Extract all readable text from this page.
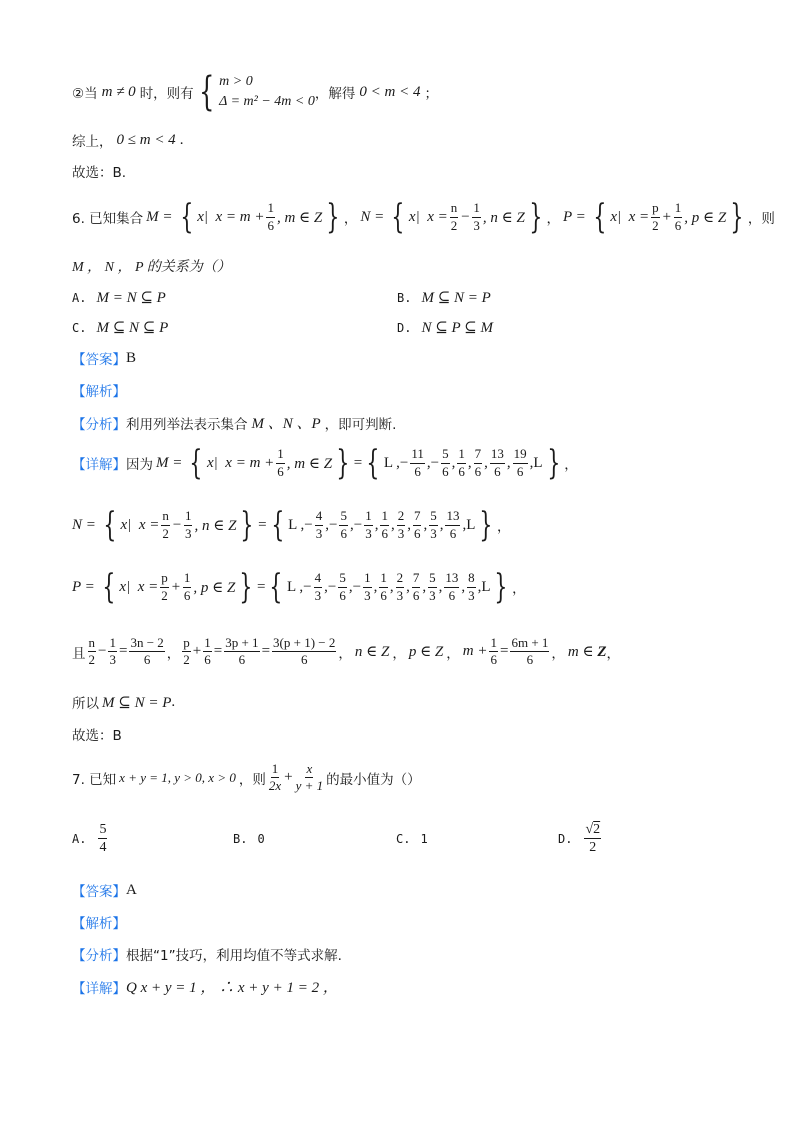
②当 m ≠ 0 时，则有 { m > 0
Δ = m² − 4m < 0 ，解得 0 < m < 4 ；
综上， 0 ≤ m < 4 .
故选：B.
6. 已知集合 M = { x|  $x = m + \frac{1}{6}$ , m ∈ Z } ， N = { x|  $x = \frac{n}{2} - \frac{1}{3}$ , n ∈ Z } ， P = { x|  $x = \frac{p}{2} + \frac{1}{6}$ , p ∈ Z } ，则
M ， N ， P 的关系为（）
A. M = N ⊆ P	B. M ⊆ N = P
C. M ⊆ N ⊆ P	D. N ⊆ P ⊆ M
【答案】 B
【解析】
【分析】 利用列举法表示集合 M 、N 、P ，即可判断.
【详解】 因为 M = { x|  $x = m + \frac{1}{6}$ , m ∈ Z } = { L ,− $\frac{11}{6}$ ,− $\frac{5}{6}$ , $\frac{1}{6}$ , $\frac{7}{6}$ , $\frac{13}{6}$ , $\frac{19}{6} ,L$ } ，
N = { x|  $x = \frac{n}{2} - \frac{1}{3}$ , n ∈ Z } = { L ,− $\frac{4}{3}$ ,− $\frac{5}{6}$ ,− $\frac{1}{3}$ , $\frac{1}{6}$ , $\frac{2}{3}$ , $\frac{7}{6}$ , $\frac{5}{3}$ , $\frac{13}{6} ,L$ } ，
P = { x|  $x = \frac{p}{2} + \frac{1}{6}$ , p ∈ Z } = { L ,− $\frac{4}{3}$ ,− $\frac{5}{6}$ ,− $\frac{1}{3}$ , $\frac{1}{6}$ , $\frac{2}{3}$ , $\frac{7}{6}$ , $\frac{5}{3}$ , $\frac{13}{6}$ , $\frac{8}{3} ,L$ } ，
且 $\frac{n}{2} - \frac{1}{3} = \frac{3n - 2}{6}$ ， $\frac{p}{2} + \frac{1}{6} = \frac{3p + 1}{6} = \frac{3(p + 1) - 2}{6}$ ， n ∈ Z ， p ∈ Z ， $m + \frac{1}{6} = \frac{6m + 1}{6}$ ， m ∈ Z ，
所以 M ⊆ N = P .
故选：B
7. 已知 x + y = 1, y > 0, x > 0 ，则 $\frac{1}{2x} + \frac{x}{y + 1}$ 的最小值为（）
A. $\frac{5}{4}$	B. 0	C. 1	D. $\frac{√2}{2}$
【答案】 A
【解析】
【分析】 根据“1”技巧，利用均值不等式求解.
【详解】 Q x + y = 1 ， ∴ x + y + 1 = 2 ，
